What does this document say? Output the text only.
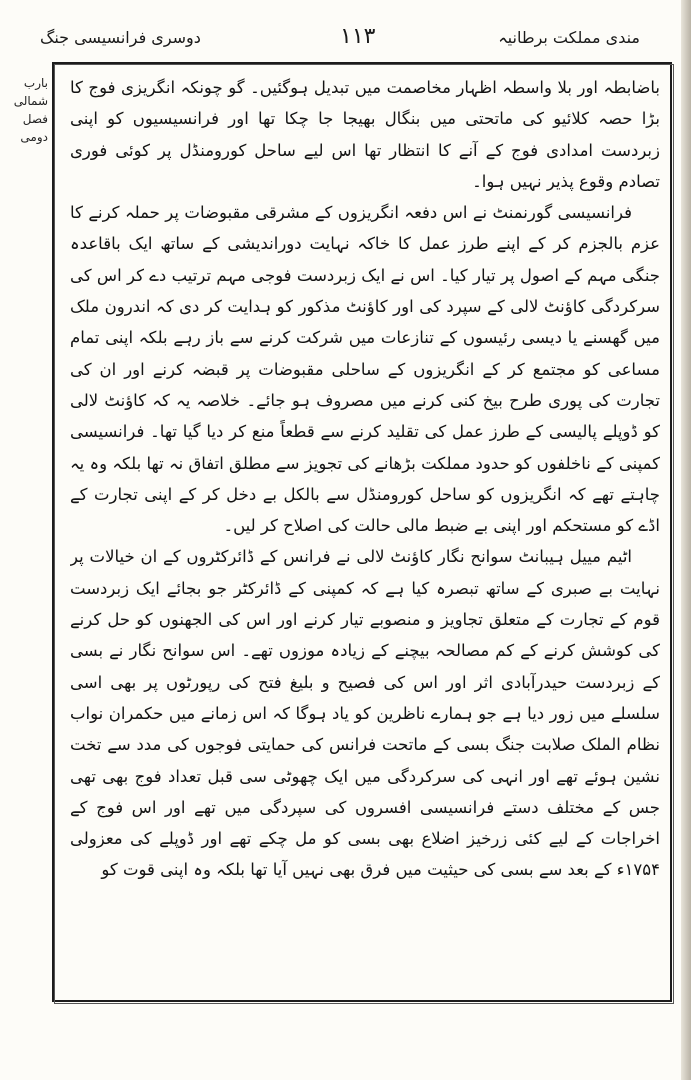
مندی مملکت برطانیہ
۱۱۳
دوسری فرانسیسی جنگ
بارب شمالی فصل دومی

باضابطہ اور بلا واسطہ اظہار مخاصمت میں تبدیل ہوگئیں۔ گو چونکہ انگریزی فوج کا بڑا حصہ کلائیو کی ماتحتی میں بنگال بھیجا جا چکا تھا اور فرانسیسیوں کو اپنی زبردست امدادی فوج کے آنے کا انتظار تھا اس لیے ساحل کورومنڈل پر کوئی فوری تصادم وقوع پذیر نہیں ہوا۔

فرانسیسی گورنمنٹ نے اس دفعہ انگریزوں کے مشرقی مقبوضات پر حملہ کرنے کا عزم بالجزم کر کے اپنے طرز عمل کا خاکہ نہایت دوراندیشی کے ساتھ ایک باقاعدہ جنگی مہم کے اصول پر تیار کیا۔ اس نے ایک زبردست فوجی مہم ترتیب دے کر اس کی سرکردگی کاؤنٹ لالی کے سپرد کی اور کاؤنٹ مذکور کو ہدایت کر دی کہ اندرون ملک میں گھسنے یا دیسی رئیسوں کے تنازعات میں شرکت کرنے سے باز رہے بلکہ اپنی تمام مساعی کو مجتمع کر کے انگریزوں کے ساحلی مقبوضات پر قبضہ کرنے اور ان کی تجارت کی پوری طرح بیخ کنی کرنے میں مصروف ہو جائے۔ خلاصہ یہ کہ کاؤنٹ لالی کو ڈوپلے پالیسی کے طرز عمل کی تقلید کرنے سے قطعاً منع کر دیا گیا تھا۔ فرانسیسی کمپنی کے ناخلفوں کو حدود مملکت بڑھانے کی تجویز سے مطلق اتفاق نہ تھا بلکہ وہ یہ چاہتے تھے کہ انگریزوں کو ساحل کورومنڈل سے بالکل بے دخل کر کے اپنی تجارت کے اڈے کو مستحکم اور اپنی بے ضبط مالی حالت کی اصلاح کر لیں۔

اٹیم مییل ہیبانٹ سوانح نگار کاؤنٹ لالی نے فرانس کے ڈائرکٹروں کے ان خیالات پر نہایت بے صبری کے ساتھ تبصرہ کیا ہے کہ کمپنی کے ڈائرکٹر جو بجائے ایک زبردست قوم کے تجارت کے متعلق تجاویز و منصوبے تیار کرنے اور اس کی الجھنوں کو حل کرنے کی کوشش کرنے کے کم مصالحہ بیچنے کے زیادہ موزوں تھے۔ اس سوانح نگار نے بسی کے زبردست حیدرآبادی اثر اور اس کی فصیح و بلیغ فتح کی رپورٹوں پر بھی اسی سلسلے میں زور دیا ہے جو ہمارے ناظرین کو یاد ہوگا کہ اس زمانے میں حکمران نواب نظام الملک صلابت جنگ بسی کے ماتحت فرانس کی حمایتی فوجوں کی مدد سے تخت نشین ہوئے تھے اور انہی کی سرکردگی میں ایک چھوٹی سی قبل تعداد فوج بھی تھی جس کے مختلف دستے فرانسیسی افسروں کی سپردگی میں تھے اور اس فوج کے اخراجات کے لیے کئی زرخیز اضلاع بھی بسی کو مل چکے تھے اور ڈوپلے کی معزولی ۱۷۵۴ء کے بعد سے بسی کی حیثیت میں فرق بھی نہیں آیا تھا بلکہ وہ اپنی قوت کو
